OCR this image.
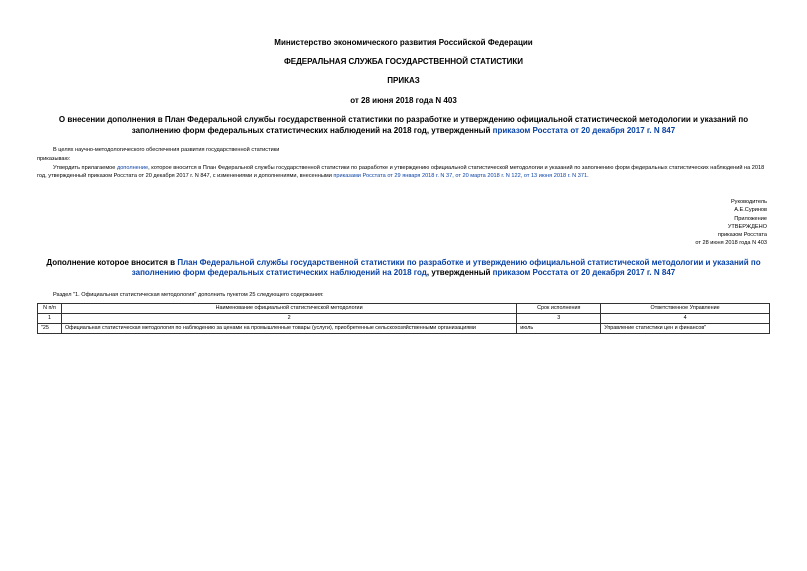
Министерство экономического развития Российской Федерации
ФЕДЕРАЛЬНАЯ СЛУЖБА ГОСУДАРСТВЕННОЙ СТАТИСТИКИ
ПРИКАЗ
от 28 июня 2018 года N 403
О внесении дополнения в План Федеральной службы государственной статистики по разработке и утверждению официальной статистической методологии и указаний по заполнению форм федеральных статистических наблюдений на 2018 год, утвержденный приказом Росстата от 20 декабря 2017 г. N 847
В целях научно-методологического обеспечения развития государственной статистики
приказываю:
Утвердить прилагаемое дополнение, которое вносится в План Федеральной службы государственной статистики по разработке и утверждению официальной статистической методологии и указаний по заполнению форм федеральных статистических наблюдений на 2018 год, утвержденный приказом Росстата от 20 декабря 2017 г. N 847, с изменениями и дополнениями, внесенными приказами Росстата от 29 января 2018 г. N 37, от 20 марта 2018 г. N 122, от 13 июня 2018 г. N 371.
Руководитель
А.Е.Суринов
Приложение
УТВЕРЖДЕНО
приказом Росстата
от 28 июня 2018 года N 403
Дополнение которое вносится в План Федеральной службы государственной статистики по разработке и утверждению официальной статистической методологии и указаний по заполнению форм федеральных статистических наблюдений на 2018 год, утвержденный приказом Росстата от 20 декабря 2017 г. N 847
Раздел "1. Официальная статистическая методология" дополнить пунктом 25 следующего содержания:
N п/п	Наименование официальной статистической методологии	Срок исполнения	Ответственное Управление
1	2	3	4
"25	Официальная статистическая методология по наблюдению за ценами на промышленные товары (услуги), приобретенные сельскохозяйственными организациями	июль	Управление статистики цен и финансов"
